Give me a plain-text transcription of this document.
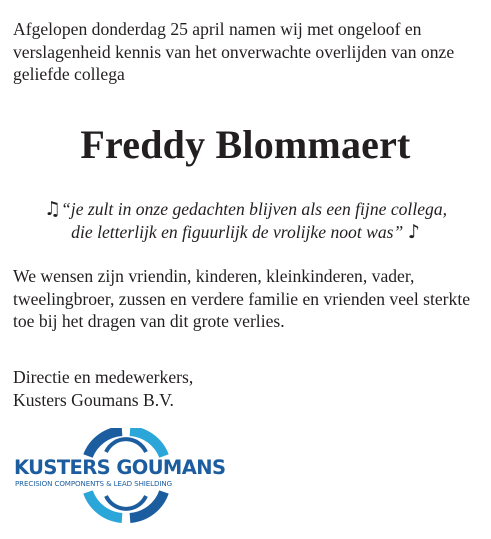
Afgelopen donderdag 25 april namen wij met ongeloof en verslagenheid kennis van het onverwachte overlijden van onze geliefde collega

Freddy Blommaert

♫“je zult in onze gedachten blijven als een fijne collega,
die letterlijk en figuurlijk de vrolijke noot was” ♪

We wensen zijn vriendin, kinderen, kleinkinderen, vader, tweelingbroer, zussen en verdere familie en vrienden veel sterkte toe bij het dragen van dit grote verlies.

Directie en medewerkers,
Kusters Goumans B.V.

KUSTERS GOUMANS
PRECISION COMPONENTS & LEAD SHIELDING
